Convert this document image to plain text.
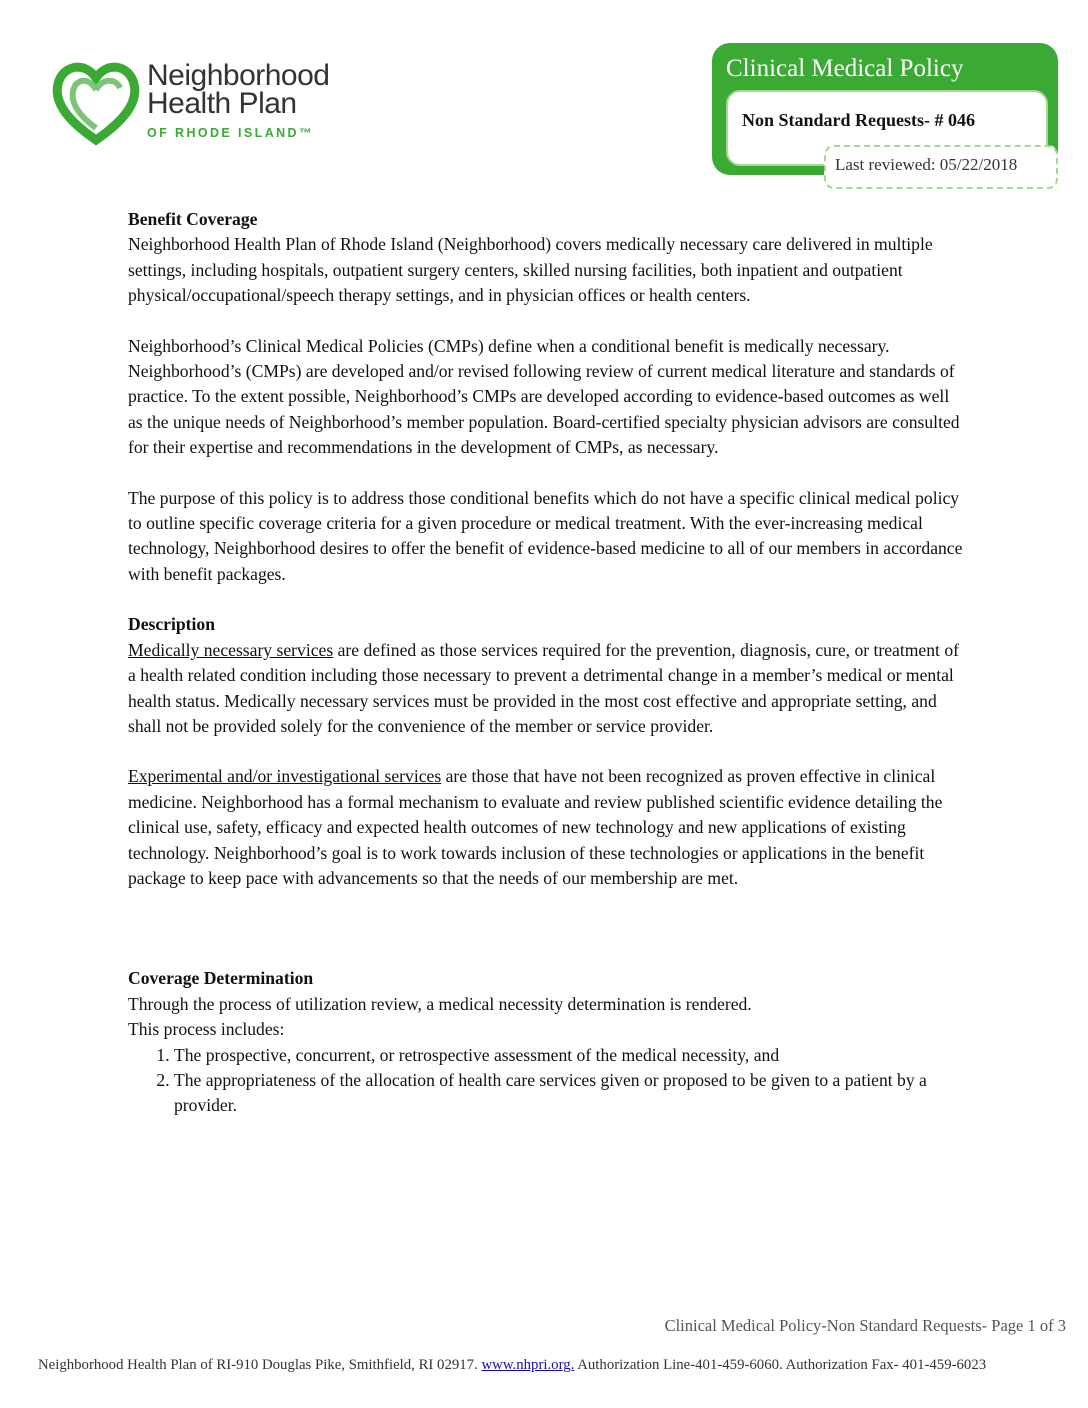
Neighborhood
Health Plan
OF RHODE ISLAND™
Clinical Medical Policy
Non Standard Requests- # 046
Last reviewed: 05/22/2018

Benefit Coverage

Neighborhood Health Plan of Rhode Island (Neighborhood) covers medically necessary care delivered in multiple settings, including hospitals, outpatient surgery centers, skilled nursing facilities, both inpatient and outpatient physical/occupational/speech therapy settings, and in physician offices or health centers.

Neighborhood’s Clinical Medical Policies (CMPs) define when a conditional benefit is medically necessary. Neighborhood’s (CMPs) are developed and/or revised following review of current medical literature and standards of practice. To the extent possible, Neighborhood’s CMPs are developed according to evidence-based outcomes as well as the unique needs of Neighborhood’s member population. Board-certified specialty physician advisors are consulted for their expertise and recommendations in the development of CMPs, as necessary.

The purpose of this policy is to address those conditional benefits which do not have a specific clinical medical policy to outline specific coverage criteria for a given procedure or medical treatment. With the ever-increasing medical technology, Neighborhood desires to offer the benefit of evidence-based medicine to all of our members in accordance with benefit packages.

Description

Medically necessary services are defined as those services required for the prevention, diagnosis, cure, or treatment of a health related condition including those necessary to prevent a detrimental change in a member’s medical or mental health status. Medically necessary services must be provided in the most cost effective and appropriate setting, and shall not be provided solely for the convenience of the member or service provider.

Experimental and/or investigational services are those that have not been recognized as proven effective in clinical medicine. Neighborhood has a formal mechanism to evaluate and review published scientific evidence detailing the clinical use, safety, efficacy and expected health outcomes of new technology and new applications of existing technology. Neighborhood’s goal is to work towards inclusion of these technologies or applications in the benefit package to keep pace with advancements so that the needs of our membership are met.

Coverage Determination

Through the process of utilization review, a medical necessity determination is rendered.

This process includes:

1. The prospective, concurrent, or retrospective assessment of the medical necessity, and
2. The appropriateness of the allocation of health care services given or proposed to be given to a patient by a provider.
Clinical Medical Policy-Non Standard Requests- Page 1 of 3
Neighborhood Health Plan of RI-910 Douglas Pike, Smithfield, RI 02917. www.nhpri.org. Authorization Line-401-459-6060. Authorization Fax- 401-459-6023
